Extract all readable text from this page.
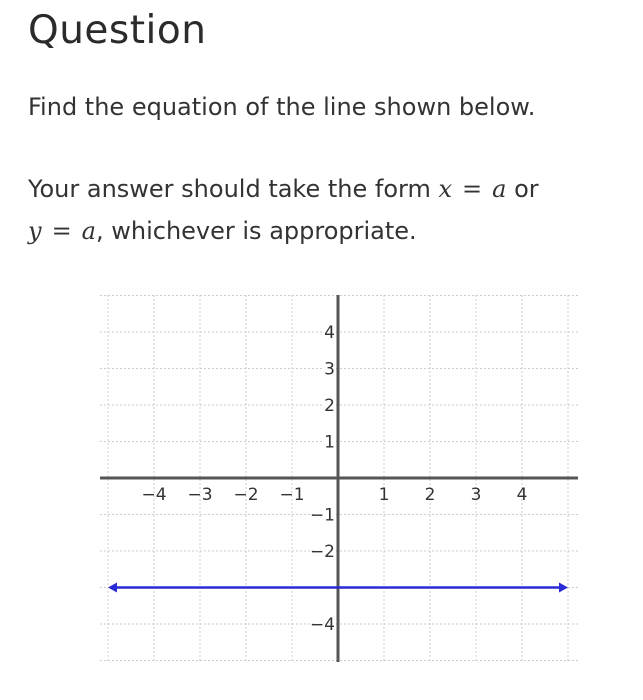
Question
Find the equation of the line shown below.
Your answer should take the form x = a or
y = a, whichever is appropriate.
−4 −3 −2 −1	1 2 3 4
4
3
2
1
−1
−2
−4
